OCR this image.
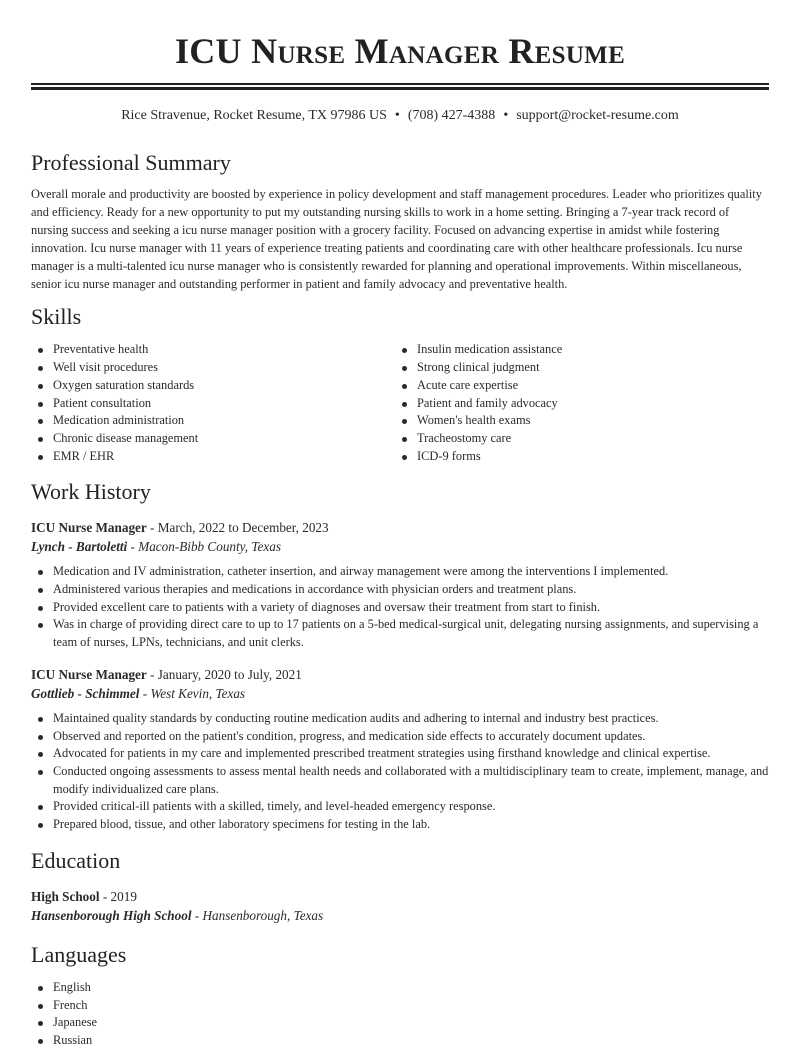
ICU Nurse Manager Resume
Rice Stravenue, Rocket Resume, TX 97986 US • (708) 427-4388 • support@rocket-resume.com
Professional Summary

Overall morale and productivity are boosted by experience in policy development and staff management procedures. Leader who prioritizes quality and efficiency. Ready for a new opportunity to put my outstanding nursing skills to work in a home setting. Bringing a 7-year track record of nursing success and seeking a icu nurse manager position with a grocery facility. Focused on advancing expertise in amidst while fostering innovation. Icu nurse manager with 11 years of experience treating patients and coordinating care with other healthcare professionals. Icu nurse manager is a multi-talented icu nurse manager who is consistently rewarded for planning and operational improvements. Within miscellaneous, senior icu nurse manager and outstanding performer in patient and family advocacy and preventative health.

Skills
Preventative health
Well visit procedures
Oxygen saturation standards
Patient consultation
Medication administration
Chronic disease management
EMR / EHR
Insulin medication assistance
Strong clinical judgment
Acute care expertise
Patient and family advocacy
Women's health exams
Tracheostomy care
ICD-9 forms
Work History
ICU Nurse Manager - March, 2022 to December, 2023
Lynch - Bartoletti - Macon-Bibb County, Texas
Medication and IV administration, catheter insertion, and airway management were among the interventions I implemented.
Administered various therapies and medications in accordance with physician orders and treatment plans.
Provided excellent care to patients with a variety of diagnoses and oversaw their treatment from start to finish.
Was in charge of providing direct care to up to 17 patients on a 5-bed medical-surgical unit, delegating nursing assignments, and supervising a team of nurses, LPNs, technicians, and unit clerks.
ICU Nurse Manager - January, 2020 to July, 2021
Gottlieb - Schimmel - West Kevin, Texas
Maintained quality standards by conducting routine medication audits and adhering to internal and industry best practices.
Observed and reported on the patient's condition, progress, and medication side effects to accurately document updates.
Advocated for patients in my care and implemented prescribed treatment strategies using firsthand knowledge and clinical expertise.
Conducted ongoing assessments to assess mental health needs and collaborated with a multidisciplinary team to create, implement, manage, and modify individualized care plans.
Provided critical-ill patients with a skilled, timely, and level-headed emergency response.
Prepared blood, tissue, and other laboratory specimens for testing in the lab.
Education
High School - 2019
Hansenborough High School - Hansenborough, Texas
Languages
English
French
Japanese
Russian
